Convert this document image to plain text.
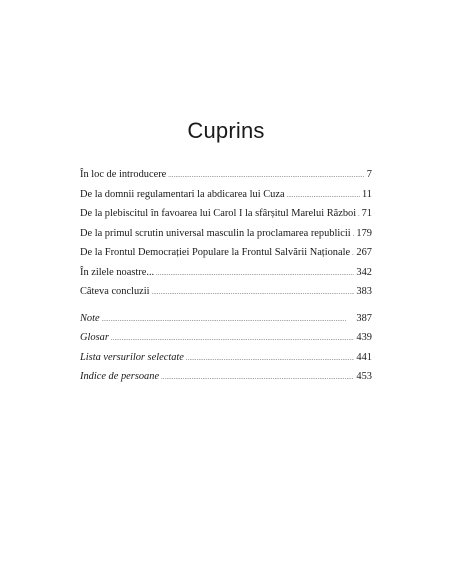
Cuprins
În loc de introducere . . .	7
De la domnii regulamentari la abdicarea lui Cuza . . .	11
De la plebiscitul în favoarea lui Carol I la sfârșitul Marelui Război . . . 71
De la primul scrutin universal masculin la proclamarea republicii . . . 179
De la Frontul Democrației Populare la Frontul Salvării Naționale . . . 267
În zilele noastre... . . .	342
Câteva concluzii . . .	383
Note . . .	387
Glosar . . .	439
Lista versurilor selectate . . .	441
Indice de persoane . . .	453
